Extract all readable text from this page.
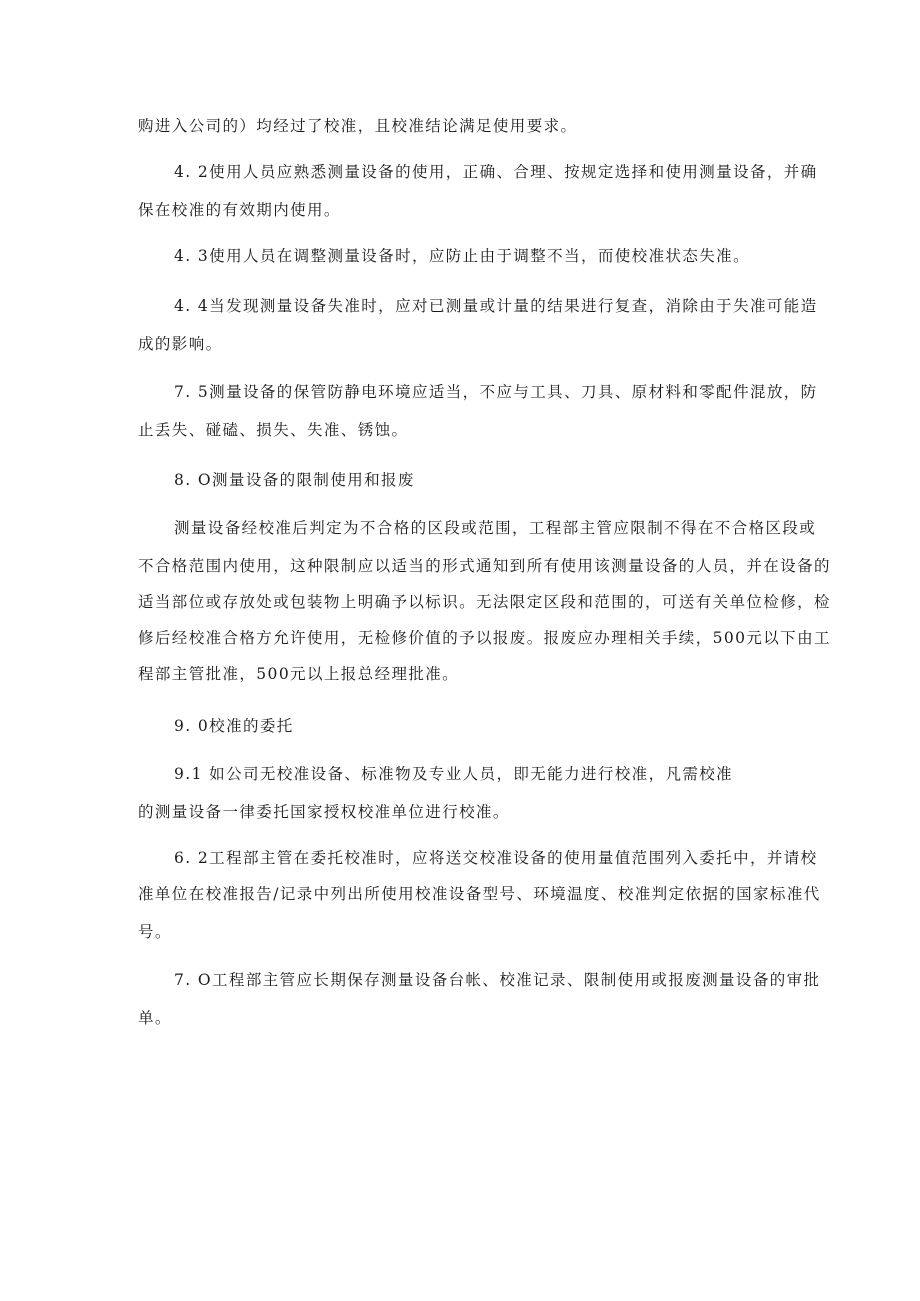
购进入公司的）均经过了校准，且校准结论满足使用要求。
4. 2使用人员应熟悉测量设备的使用，正确、合理、按规定选择和使用测量设备，并确
保在校准的有效期内使用。
4. 3使用人员在调整测量设备时，应防止由于调整不当，而使校准状态失准。
4. 4当发现测量设备失准时，应对已测量或计量的结果进行复查，消除由于失准可能造
成的影响。
7. 5测量设备的保管防静电环境应适当，不应与工具、刀具、原材料和零配件混放，防
止丢失、碰磕、损失、失准、锈蚀。
8. O测量设备的限制使用和报废
测量设备经校准后判定为不合格的区段或范围，工程部主管应限制不得在不合格区段或
不合格范围内使用，这种限制应以适当的形式通知到所有使用该测量设备的人员，并在设备的
适当部位或存放处或包装物上明确予以标识。无法限定区段和范围的，可送有关单位检修，检
修后经校准合格方允许使用，无检修价值的予以报废。报废应办理相关手续，500元以下由工
程部主管批准，500元以上报总经理批准。
9. 0校准的委托
9.1 如公司无校准设备、标准物及专业人员，即无能力进行校准，凡需校准
的测量设备一律委托国家授权校准单位进行校准。
6. 2工程部主管在委托校准时，应将送交校准设备的使用量值范围列入委托中，并请校
准单位在校准报告/记录中列出所使用校准设备型号、环境温度、校准判定依据的国家标准代
号。
7. O工程部主管应长期保存测量设备台帐、校准记录、限制使用或报废测量设备的审批
单。
